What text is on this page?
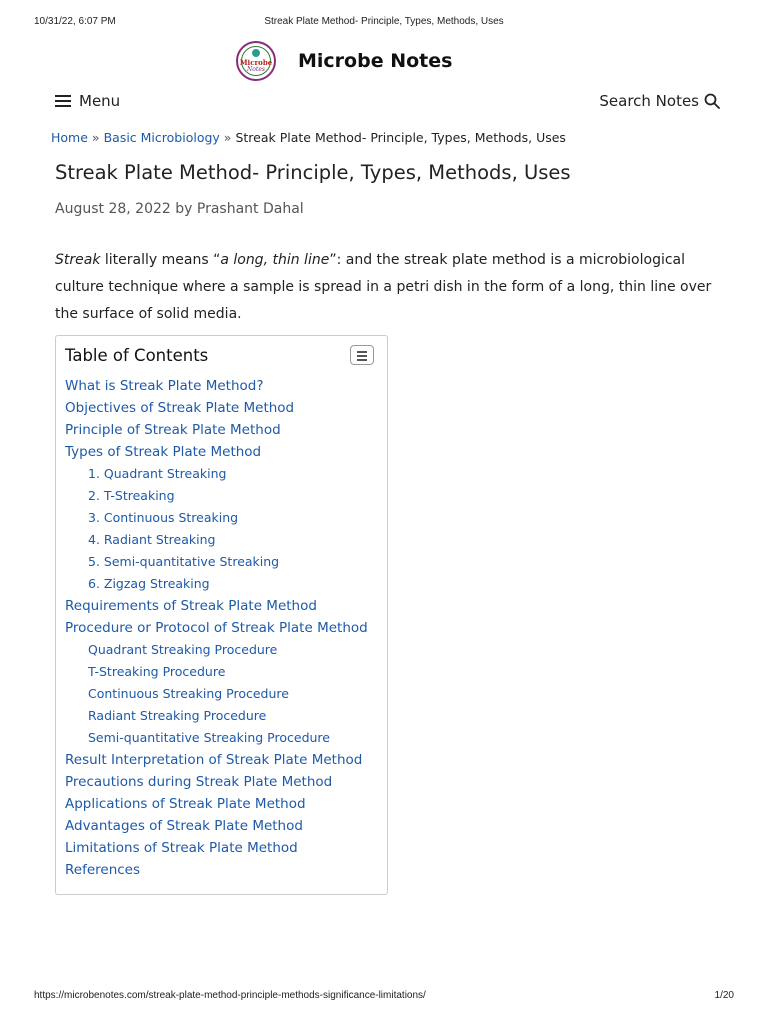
10/31/22, 6:07 PM	Streak Plate Method- Principle, Types, Methods, Uses
Microbe
Notes	Microbe Notes
Menu	Search Notes
Home » Basic Microbiology » Streak Plate Method- Principle, Types, Methods, Uses
Streak Plate Method- Principle, Types, Methods, Uses
August 28, 2022 by Prashant Dahal

Streak literally means “a long, thin line”: and the streak plate method is a microbiological culture technique where a sample is spread in a petri dish in the form of a long, thin line over the surface of solid media.

Table of Contents
What is Streak Plate Method?
Objectives of Streak Plate Method
Principle of Streak Plate Method
Types of Streak Plate Method
1. Quadrant Streaking
2. T-Streaking
3. Continuous Streaking
4. Radiant Streaking
5. Semi-quantitative Streaking
6. Zigzag Streaking
Requirements of Streak Plate Method
Procedure or Protocol of Streak Plate Method
Quadrant Streaking Procedure
T-Streaking Procedure
Continuous Streaking Procedure
Radiant Streaking Procedure
Semi-quantitative Streaking Procedure
Result Interpretation of Streak Plate Method
Precautions during Streak Plate Method
Applications of Streak Plate Method
Advantages of Streak Plate Method
Limitations of Streak Plate Method
References
https://microbenotes.com/streak-plate-method-principle-methods-significance-limitations/	1/20
